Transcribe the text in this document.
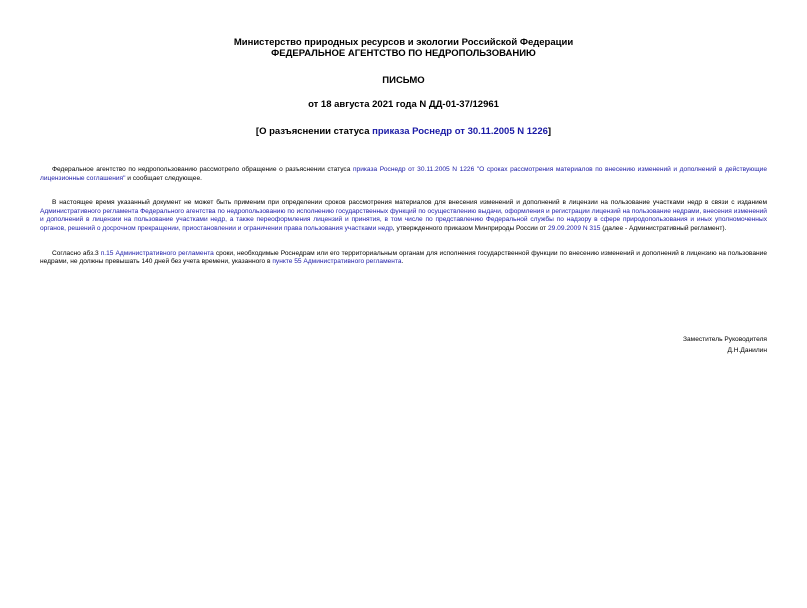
Министерство природных ресурсов и экологии Российской Федерации
ФЕДЕРАЛЬНОЕ АГЕНТСТВО ПО НЕДРОПОЛЬЗОВАНИЮ
ПИСЬМО
от 18 августа 2021 года N ДД-01-37/12961
[О разъяснении статуса приказа Роснедр от 30.11.2005 N 1226]

Федеральное агентство по недропользованию рассмотрело обращение о разъяснении статуса приказа Роснедр от 30.11.2005 N 1226 "О сроках рассмотрения материалов по внесению изменений и дополнений в действующие лицензионные соглашения" и сообщает следующее.

В настоящее время указанный документ не может быть применим при определении сроков рассмотрения материалов для внесения изменений и дополнений в лицензии на пользование участками недр в связи с изданием Административного регламента Федерального агентства по недропользованию по исполнению государственных функций по осуществлению выдачи, оформления и регистрации лицензий на пользование недрами, внесения изменений и дополнений в лицензии на пользование участками недр, а также переоформления лицензий и принятия, в том числе по представлению Федеральной службы по надзору в сфере природопользования и иных уполномоченных органов, решений о досрочном прекращении, приостановлении и ограничении права пользования участками недр, утвержденного приказом Минприроды России от 29.09.2009 N 315 (далее - Административный регламент).

Согласно абз.3 п.15 Административного регламента сроки, необходимые Роснедрам или его территориальным органам для исполнения государственной функции по внесению изменений и дополнений в лицензию на пользование недрами, не должны превышать 140 дней без учета времени, указанного в пункте 55 Административного регламента.

Заместитель Руководителя
Д.Н.Данилин
